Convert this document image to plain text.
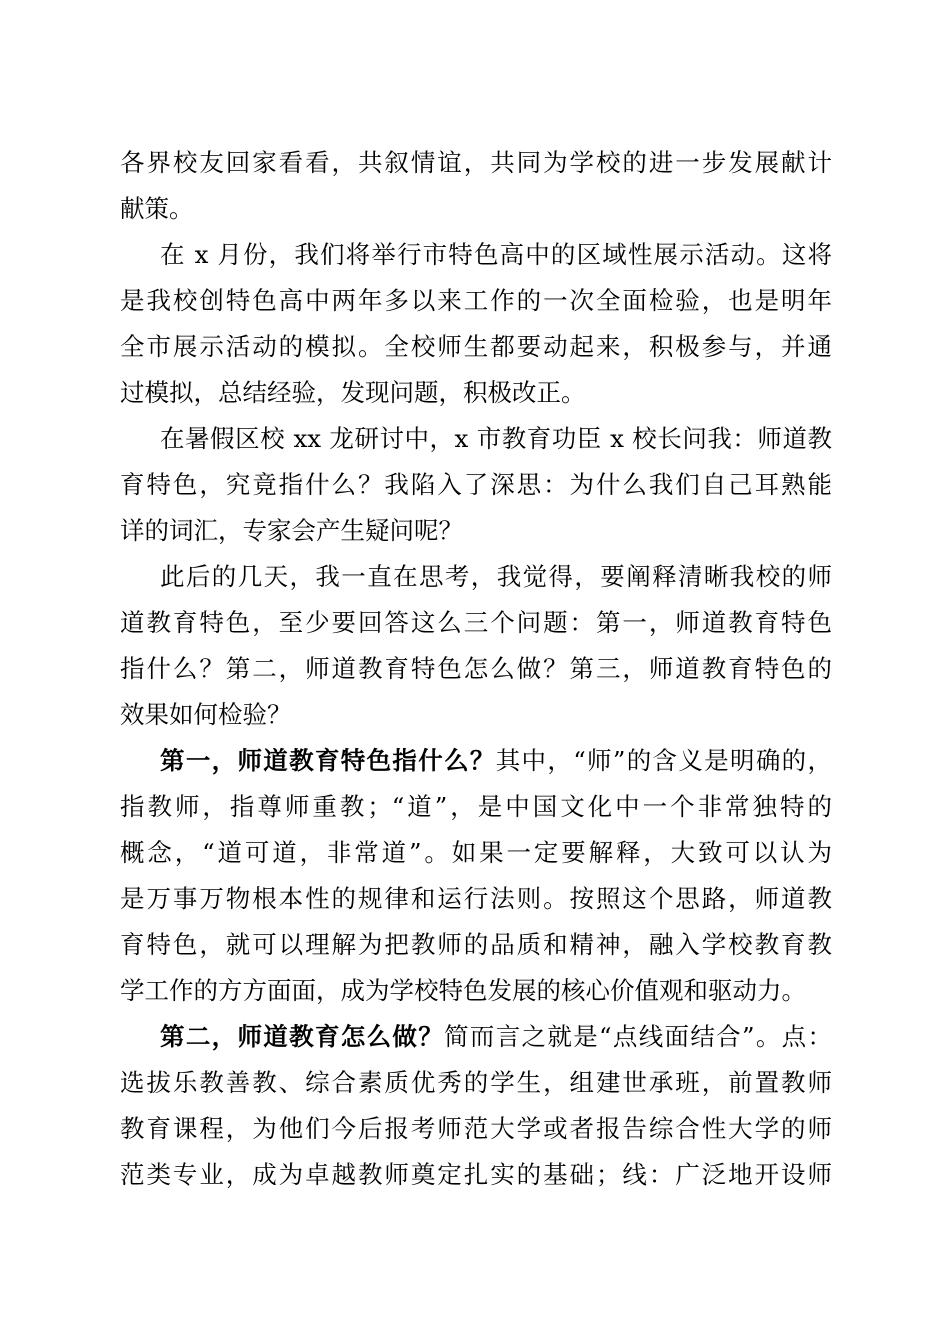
各界校友回家看看，共叙情谊，共同为学校的进一步发展献计
献策。
在 x 月份，我们将举行市特色高中的区域性展示活动。这将
是我校创特色高中两年多以来工作的一次全面检验，也是明年
全市展示活动的模拟。全校师生都要动起来，积极参与，并通
过模拟，总结经验，发现问题，积极改正。
在暑假区校 xx 龙研讨中，x 市教育功臣 x 校长问我：师道教
育特色，究竟指什么？我陷入了深思：为什么我们自己耳熟能
详的词汇，专家会产生疑问呢？
此后的几天，我一直在思考，我觉得，要阐释清晰我校的师
道教育特色，至少要回答这么三个问题：第一，师道教育特色
指什么？第二，师道教育特色怎么做？第三，师道教育特色的
效果如何检验？
第一，师道教育特色指什么？其中，“师”的含义是明确的，
指教师，指尊师重教；“道”，是中国文化中一个非常独特的
概念，“道可道，非常道”。如果一定要解释，大致可以认为
是万事万物根本性的规律和运行法则。按照这个思路，师道教
育特色，就可以理解为把教师的品质和精神，融入学校教育教
学工作的方方面面，成为学校特色发展的核心价值观和驱动力。
第二，师道教育怎么做？简而言之就是“点线面结合”。点：
选拔乐教善教、综合素质优秀的学生，组建世承班，前置教师
教育课程，为他们今后报考师范大学或者报告综合性大学的师
范类专业，成为卓越教师奠定扎实的基础；线：广泛地开设师
